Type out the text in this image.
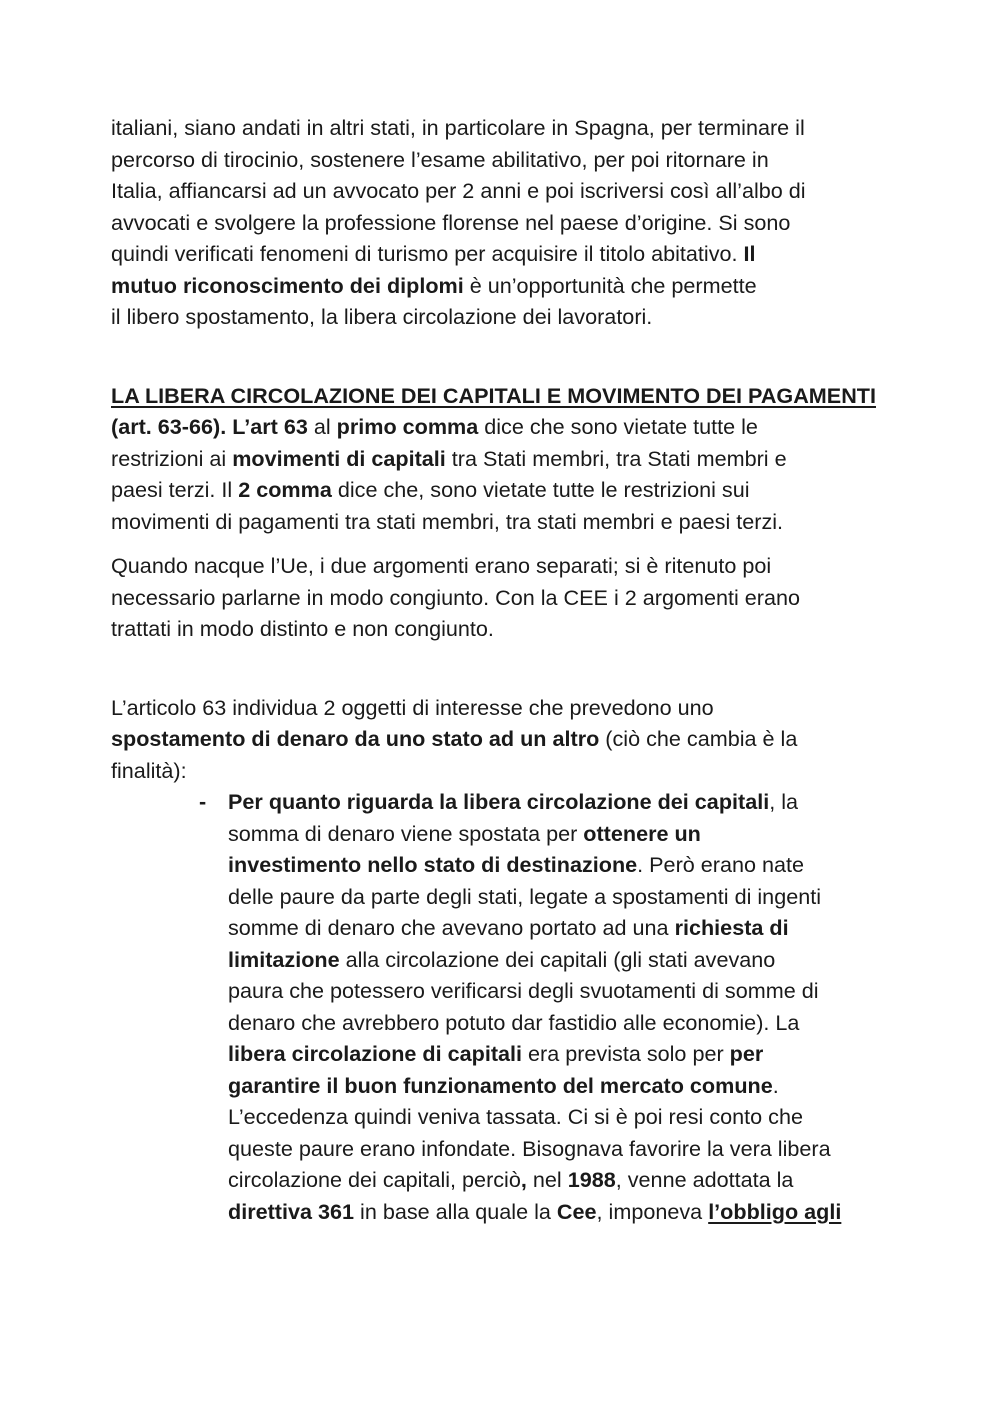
italiani, siano andati in altri stati, in particolare in Spagna, per terminare il
percorso di tirocinio, sostenere l’esame abilitativo, per poi ritornare in
Italia, affiancarsi ad un avvocato per 2 anni e poi iscriversi così all’albo di
avvocati e svolgere la professione florense nel paese d’origine. Si sono
quindi verificati fenomeni di turismo per acquisire il titolo abitativo. Il
mutuo riconoscimento dei diplomi è un’opportunità che permette
il libero spostamento, la libera circolazione dei lavoratori.

LA LIBERA CIRCOLAZIONE DEI CAPITALI E MOVIMENTO DEI PAGAMENTI
(art. 63-66). L’art 63 al primo comma dice che sono vietate tutte le
restrizioni ai movimenti di capitali tra Stati membri, tra Stati membri e
paesi terzi. Il 2 comma dice che, sono vietate tutte le restrizioni sui
movimenti di pagamenti tra stati membri, tra stati membri e paesi terzi.

Quando nacque l’Ue, i due argomenti erano separati; si è ritenuto poi
necessario parlarne in modo congiunto. Con la CEE i 2 argomenti erano
trattati in modo distinto e non congiunto.

L’articolo 63 individua 2 oggetti di interesse che prevedono uno
spostamento di denaro da uno stato ad un altro (ciò che cambia è la
finalità):

- Per quanto riguarda la libera circolazione dei capitali, la
somma di denaro viene spostata per ottenere un
investimento nello stato di destinazione. Però erano nate
delle paure da parte degli stati, legate a spostamenti di ingenti
somme di denaro che avevano portato ad una richiesta di
limitazione alla circolazione dei capitali (gli stati avevano
paura che potessero verificarsi degli svuotamenti di somme di
denaro che avrebbero potuto dar fastidio alle economie). La
libera circolazione di capitali era prevista solo per per
garantire il buon funzionamento del mercato comune.
L’eccedenza quindi veniva tassata. Ci si è poi resi conto che
queste paure erano infondate. Bisognava favorire la vera libera
circolazione dei capitali, perciò, nel 1988, venne adottata la
direttiva 361 in base alla quale la Cee, imponeva l’obbligo agli
